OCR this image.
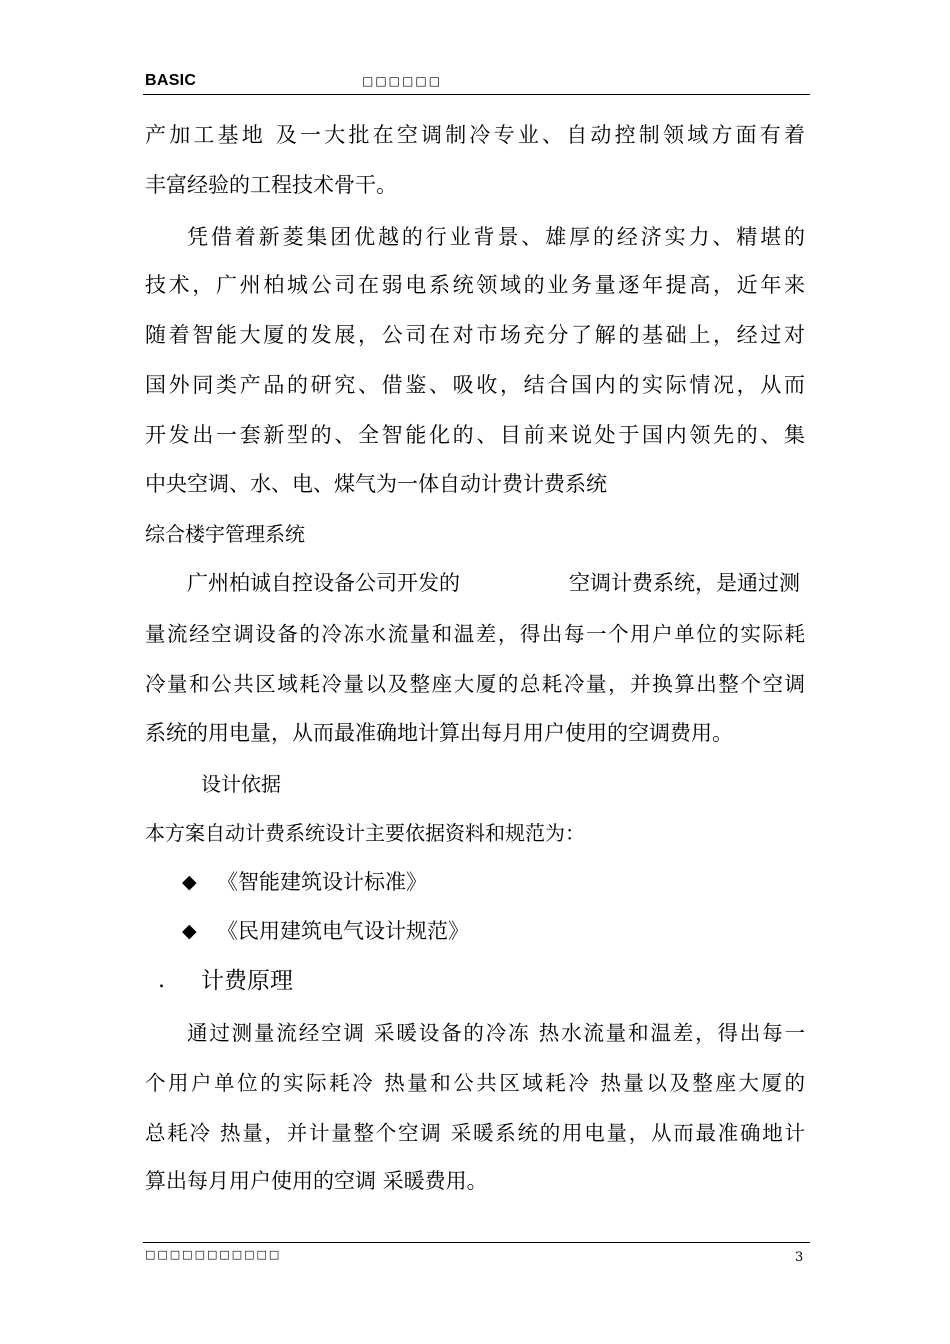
BASIC	□□□□□□
产加工基地 及一大批在空调制冷专业、自动控制领域方面有着
丰富经验的工程技术骨干。
凭借着新菱集团优越的行业背景、雄厚的经济实力、精堪的
技术，广州柏城公司在弱电系统领域的业务量逐年提高，近年来
随着智能大厦的发展，公司在对市场充分了解的基础上，经过对
国外同类产品的研究、借鉴、吸收，结合国内的实际情况，从而
开发出一套新型的、全智能化的、目前来说处于国内领先的、集
中央空调、水、电、煤气为一体自动计费计费系统
综合楼宇管理系统
广州柏诚自控设备公司开发的	空调计费系统，是通过测
量流经空调设备的冷冻水流量和温差，得出每一个用户单位的实际耗
冷量和公共区域耗冷量以及整座大厦的总耗冷量，并换算出整个空调
系统的用电量，从而最准确地计算出每月用户使用的空调费用。
设计依据
本方案自动计费系统设计主要依据资料和规范为：
◆ 《智能建筑设计标准》
◆ 《民用建筑电气设计规范》
. 计费原理
通过测量流经空调 采暖设备的冷冻 热水流量和温差，得出每一
个用户单位的实际耗冷 热量和公共区域耗冷 热量以及整座大厦的
总耗冷 热量，并计量整个空调 采暖系统的用电量，从而最准确地计
算出每月用户使用的空调 采暖费用。
□□□□□□□□□□□	3
